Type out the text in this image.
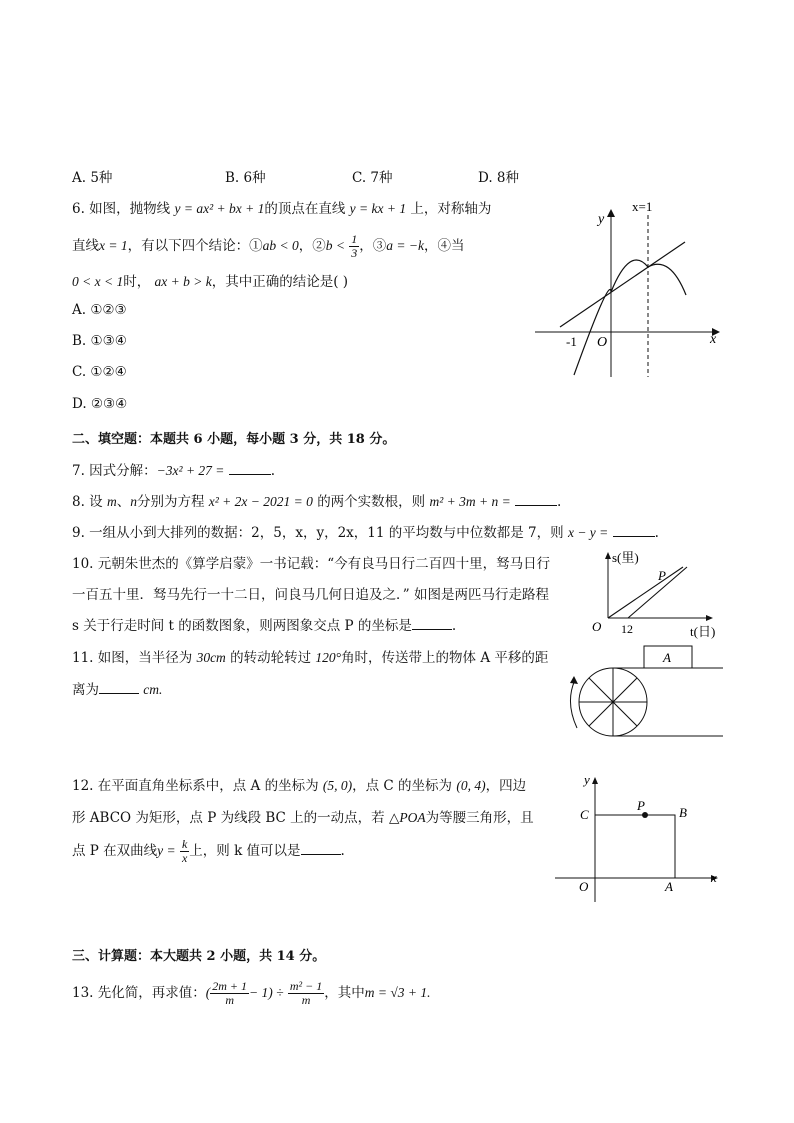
A. 5种	B. 6种	C. 7种	D. 8种
6. 如图，抛物线 y = ax² + bx + 1的顶点在直线 y = kx + 1 上，对称轴为
直线x = 1，有以下四个结论：①ab < 0，②b < $\frac{1}{3}$ ，③a = −k，④当
0 < x < 1时， ax + b > k，其中正确的结论是( )
A. ①②③
B. ①③④
C. ①②④
D. ②③④
x=1
y
x
-1 O
二、填空题：本题共 6 小题，每小题 3 分，共 18 分。
7. 因式分解：−3x² + 27 =	.
8. 设 m、n分别为方程 x² + 2x − 2021 = 0 的两个实数根，则 m² + 3m + n =	.
9. 一组从小到大排列的数据：2，5，x，y，2x，11 的平均数与中位数都是 7，则 x − y =	.
10. 元朝朱世杰的《算学启蒙》一书记载：“今有良马日行二百四十里，驽马日行
一百五十里．驽马先行一十二日，问良马几何日追及之．” 如图是两匹马行走路程
s 关于行走时间 t 的函数图象，则两图象交点 P 的坐标是	.
s(里)
t(日)
P
O 12
11. 如图，当半径为 30cm 的转动轮转过 120°角时，传送带上的物体 A 平移的距
离为	cm.
A
12. 在平面直角坐标系中，点 A 的坐标为 (5, 0)，点 C 的坐标为 (0, 4)，四边
形 ABCO 为矩形，点 P 为线段 BC 上的一动点，若 △POA为等腰三角形，且
点 P 在双曲线$y = \frac{k}{x}$ 上，则 k 值可以是	.
y
x
C
P	B
O	A
三、计算题：本大题共 2 小题，共 14 分。
13. 先化简，再求值：( $\frac{2m + 1}{m} - 1) \div \frac{\text{m² − 1}}{m}$ ，其中m = √3 + 1.
